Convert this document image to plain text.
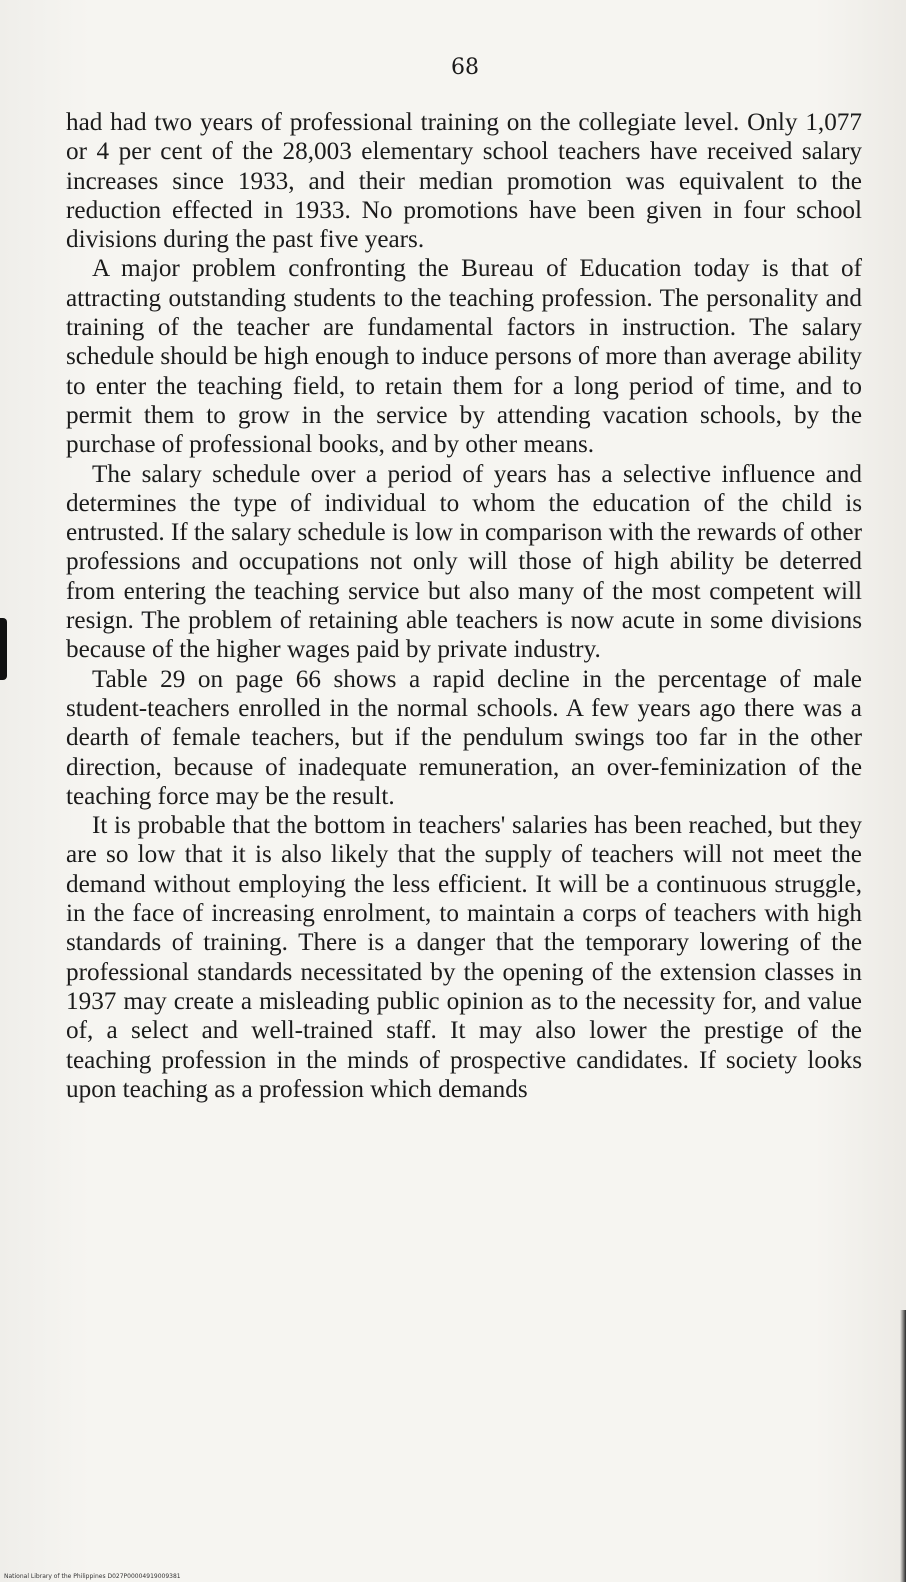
68

had had two years of professional training on the collegiate level. Only 1,077 or 4 per cent of the 28,003 elementary school teachers have received salary increases since 1933, and their median promotion was equivalent to the reduction effected in 1933. No promotions have been given in four school divisions during the past five years.

A major problem confronting the Bureau of Education today is that of attracting outstanding students to the teaching profession. The personality and training of the teacher are fundamental factors in instruction. The salary schedule should be high enough to induce persons of more than average ability to enter the teaching field, to retain them for a long period of time, and to permit them to grow in the service by attending vacation schools, by the purchase of professional books, and by other means.

The salary schedule over a period of years has a selective influence and determines the type of individual to whom the education of the child is entrusted. If the salary schedule is low in comparison with the rewards of other professions and occupations not only will those of high ability be deterred from entering the teaching service but also many of the most competent will resign. The problem of retaining able teachers is now acute in some divisions because of the higher wages paid by private industry.

Table 29 on page 66 shows a rapid decline in the percentage of male student-teachers enrolled in the normal schools. A few years ago there was a dearth of female teachers, but if the pendulum swings too far in the other direction, because of inadequate remuneration, an over-feminization of the teaching force may be the result.

It is probable that the bottom in teachers' salaries has been reached, but they are so low that it is also likely that the supply of teachers will not meet the demand without employing the less efficient. It will be a continuous struggle, in the face of increasing enrolment, to maintain a corps of teachers with high standards of training. There is a danger that the temporary lowering of the professional standards necessitated by the opening of the extension classes in 1937 may create a misleading public opinion as to the necessity for, and value of, a select and well-trained staff. It may also lower the prestige of the teaching profession in the minds of prospective candidates. If society looks upon teaching as a profession which demands

National Library of the Philippines D027P00004919009381
